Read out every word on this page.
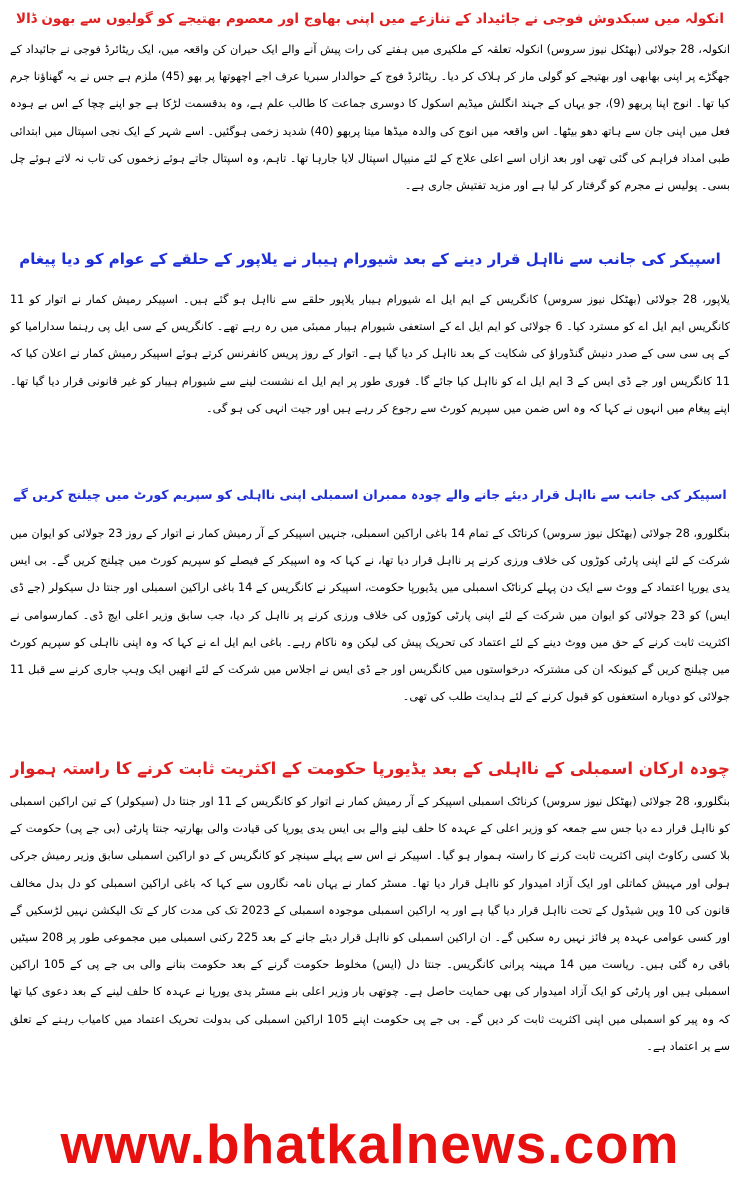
انکولہ میں سبکدوش فوجی نے جائیداد کے تنازعے میں اپنی بھاوج اور معصوم بھتیجے کو گولیوں سے بھون ڈالا

انکولہ، 28 جولائی (بھٹکل نیوز سروس) انکولہ تعلقہ کے ملکیری میں ہفتے کی رات پیش آنے والے ایک حیران کن واقعہ میں، ایک ریٹائرڈ فوجی نے جائیداد کے جھگڑے پر اپنی بھابھی اور بھتیجے کو گولی مار کر ہلاک کر دیا۔ ریٹائرڈ فوج کے حوالدار سبریا عرف اجے اچھوتھا پر بھو (45) ملزم ہے جس نے یہ گھناؤنا جرم کیا تھا۔ انوج اپنا پربھو (9)، جو یہاں کے جہند انگلش میڈیم اسکول کا دوسری جماعت کا طالب علم ہے، وہ بدقسمت لڑکا ہے جو اپنے چچا کے اس بے ہودہ فعل میں اپنی جان سے ہاتھ دھو بیٹھا۔ اس واقعہ میں انوج کی والدہ میڈھا میتا پربھو (40) شدید زخمی ہوگئیں۔ اسے شہر کے ایک نجی اسپتال میں ابتدائی طبی امداد فراہم کی گئی تھی اور بعد ازاں اسے اعلی علاج کے لئے منیپال اسپتال لایا جارہا تھا۔ تاہم، وہ اسپتال جاتے ہوئے زخموں کی تاب نہ لاتے ہوئے چل بسی۔ پولیس نے مجرم کو گرفتار کر لیا ہے اور مزید تفتیش جاری ہے۔

اسپیکر کی جانب سے نااہل قرار دینے کے بعد شیورام ہیبار نے یلاپور کے حلقے کے عوام کو دیا پیغام

یلاپور، 28 جولائی (بھٹکل نیوز سروس) کانگریس کے ایم ایل اے شیورام ہیبار یلاپور حلقے سے نااہل ہو گئے ہیں۔ اسپیکر رمیش کمار نے اتوار کو 11 کانگریس ایم ایل اے کو مسترد کیا۔ 6 جولائی کو ایم ایل اے کے استعفی شیورام ہیبار ممبئی میں رہ رہے تھے۔ کانگریس کے سی ایل پی رہنما سدارامیا کو کے پی سی سی کے صدر دنیش گنڈوراؤ کی شکایت کے بعد نااہل کر دیا گیا ہے۔ اتوار کے روز پریس کانفرنس کرتے ہوئے اسپیکر رمیش کمار نے اعلان کیا کہ 11 کانگریس اور جے ڈی ایس کے 3 ایم ایل اے کو نااہل کیا جائے گا۔ فوری طور پر ایم ایل اے نشست لینے سے شیورام ہیبار کو غیر قانونی قرار دیا گیا تھا۔ اپنے پیغام میں انہوں نے کہا کہ وہ اس ضمن میں سپریم کورٹ سے رجوع کر رہے ہیں اور جیت انہی کی ہو گی۔

اسپیکر کی جانب سے نااہل قرار دیئے جانے والے چودہ ممبران اسمبلی اپنی نااہلی کو سپریم کورٹ میں چیلنج کریں گے

بنگلورو، 28 جولائی (بھٹکل نیوز سروس) کرناٹک کے تمام 14 باغی اراکین اسمبلی، جنہیں اسپیکر کے آر رمیش کمار نے اتوار کے روز 23 جولائی کو ایوان میں شرکت کے لئے اپنی پارٹی کوڑوں کی خلاف ورزی کرنے پر نااہل قرار دیا تھا، نے کہا کہ وہ اسپیکر کے فیصلے کو سپریم کورٹ میں چیلنج کریں گے۔ بی ایس یدی یورپا اعتماد کے ووٹ سے ایک دن پہلے کرناٹک اسمبلی میں یڈیورپا حکومت، اسپیکر نے کانگریس کے 14 باغی اراکین اسمبلی اور جنتا دل سیکولر (جے ڈی ایس) کو 23 جولائی کو ایوان میں شرکت کے لئے اپنی پارٹی کوڑوں کی خلاف ورزی کرنے پر نااہل کر دیا، جب سابق وزیر اعلی ایچ ڈی۔ کمارسوامی نے اکثریت ثابت کرنے کے حق میں ووٹ دینے کے لئے اعتماد کی تحریک پیش کی لیکن وہ ناکام رہے۔ باغی ایم ایل اے نے کہا کہ وہ اپنی نااہلی کو سپریم کورٹ میں چیلنج کریں گے کیونکہ ان کی مشترکہ درخواستوں میں کانگریس اور جے ڈی ایس نے اجلاس میں شرکت کے لئے انھیں ایک وہپ جاری کرنے سے قبل 11 جولائی کو دوبارہ استعفوں کو قبول کرنے کے لئے ہدایت طلب کی تھی۔

چودہ ارکان اسمبلی کے نااہلی کے بعد یڈیورپا حکومت کے اکثریت ثابت کرنے کا راستہ ہموار

بنگلورو، 28 جولائی (بھٹکل نیوز سروس) کرناٹک اسمبلی اسپیکر کے آر رمیش کمار نے اتوار کو کانگریس کے 11 اور جنتا دل (سیکولر) کے تین اراکین اسمبلی کو نااہل قرار دے دیا جس سے جمعہ کو وزیر اعلی کے عہدہ کا حلف لینے والے بی ایس یدی یورپا کی قیادت والی بھارتیہ جنتا پارٹی (بی جے پی) حکومت کے بلا کسی رکاوٹ اپنی اکثریت ثابت کرنے کا راستہ ہموار ہو گیا۔ اسپیکر نے اس سے پہلے سینچر کو کانگریس کے دو اراکین اسمبلی سابق وزیر رمیش جرکی ہولی اور مہیش کماتلی اور ایک آزاد امیدوار کو نااہل قرار دیا تھا۔ مسٹر کمار نے یہاں نامہ نگاروں سے کہا کہ باغی اراکین اسمبلی کو دل بدل مخالف قانون کی 10 ویں شیڈول کے تحت نااہل قرار دیا گیا ہے اور یہ اراکین اسمبلی موجودہ اسمبلی کے 2023 تک کی مدت کار کے تک الیکشن نہیں لڑسکیں گے اور کسی عوامی عہدہ پر فائز نہیں رہ سکیں گے۔ ان اراکین اسمبلی کو نااہل قرار دیئے جانے کے بعد 225 رکنی اسمبلی میں مجموعی طور پر 208 سیٹیں باقی رہ گئی ہیں۔ ریاست میں 14 مہینہ پرانی کانگریس۔ جنتا دل (ایس) مخلوط حکومت گرنے کے بعد حکومت بنانے والی بی جے پی کے 105 اراکین اسمبلی ہیں اور پارٹی کو ایک آزاد امیدوار کی بھی حمایت حاصل ہے۔ چوتھی بار وزیر اعلی بنے مسٹر یدی یورپا نے عہدہ کا حلف لینے کے بعد دعوی کیا تھا کہ وہ پیر کو اسمبلی میں اپنی اکثریت ثابت کر دیں گے۔ بی جے پی حکومت اپنے 105 اراکین اسمبلی کی بدولت تحریک اعتماد میں کامیاب رہنے کے تعلق سے پر اعتماد ہے۔

www.bhatkalnews.com
